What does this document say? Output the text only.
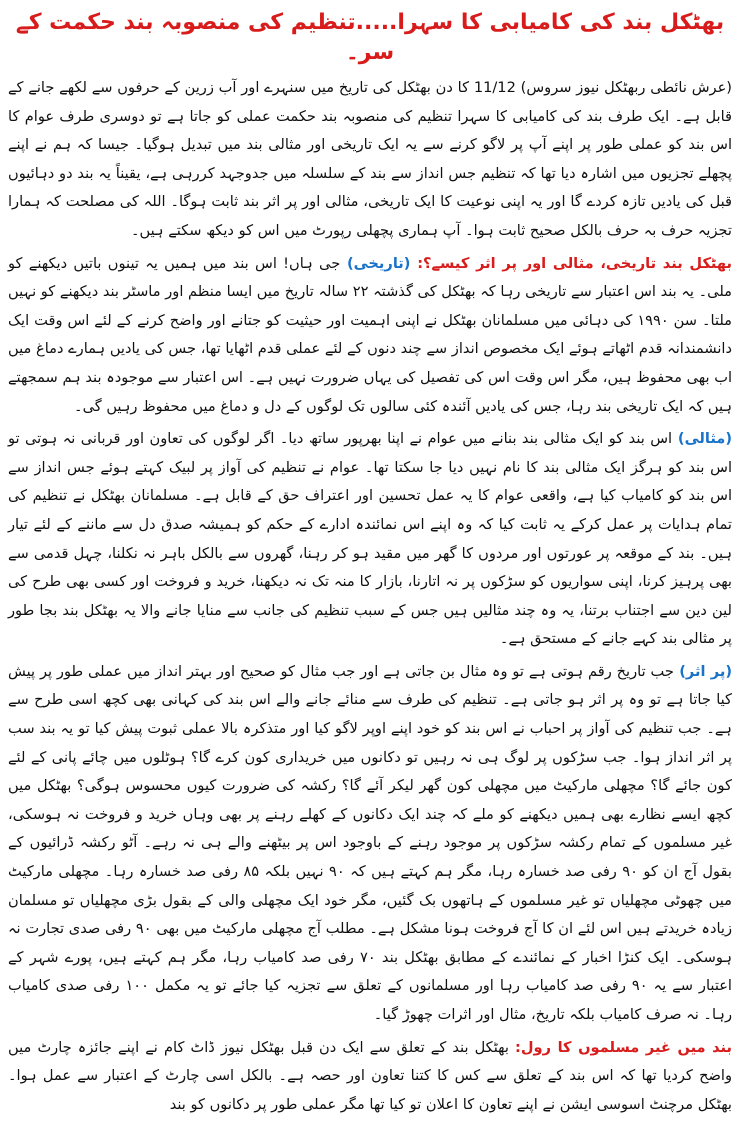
بھٹکل بند کی کامیابی کا سہرا.....تنظیم کی منصوبہ بند حکمت کے سر۔

(عرش نائطی ربھٹکل نیوز سروس) 11/12 کا دن بھٹکل کی تاریخ میں سنہرے اور آب زرین کے حرفوں سے لکھے جانے کے قابل ہے۔ ایک طرف بند کی کامیابی کا سہرا تنظیم کی منصوبہ بند حکمت عملی کو جاتا ہے تو دوسری طرف عوام کا اس بند کو عملی طور پر اپنے آپ پر لاگو کرنے سے یہ ایک تاریخی اور مثالی بند میں تبدیل ہوگیا۔ جیسا کہ ہم نے اپنے پچھلے تجزیوں میں اشارہ دیا تھا کہ تنظیم جس انداز سے بند کے سلسلہ میں جدوجہد کررہی ہے، یقیناً یہ بند دو دہائیوں قبل کی یادیں تازہ کردے گا اور یہ اپنی نوعیت کا ایک تاریخی، مثالی اور پر اثر بند ثابت ہوگا۔ اللہ کی مصلحت کہ ہمارا تجزیہ حرف بہ حرف بالکل صحیح ثابت ہوا۔ آپ ہماری پچھلی رپورٹ میں اس کو دیکھ سکتے ہیں۔

بھٹکل بند تاریخی، مثالی اور پر اثر کیسے؟: (تاریخی) جی ہاں! اس بند میں ہمیں یہ تینوں باتیں دیکھنے کو ملی۔ یہ بند اس اعتبار سے تاریخی رہا کہ بھٹکل کی گذشتہ ۲۲ سالہ تاریخ میں ایسا منظم اور ماسٹر بند دیکھنے کو نہیں ملتا۔ سن ۱۹۹۰ کی دہائی میں مسلمانان بھٹکل نے اپنی اہمیت اور حیثیت کو جتانے اور واضح کرنے کے لئے اس وقت ایک دانشمندانہ قدم اٹھاتے ہوئے ایک مخصوص انداز سے چند دنوں کے لئے عملی قدم اٹھایا تھا، جس کی یادیں ہمارے دماغ میں اب بھی محفوظ ہیں، مگر اس وقت اس کی تفصیل کی یہاں ضرورت نہیں ہے۔ اس اعتبار سے موجودہ بند ہم سمجھتے ہیں کہ ایک تاریخی بند رہا، جس کی یادیں آئندہ کئی سالوں تک لوگوں کے دل و دماغ میں محفوظ رہیں گی۔

(مثالی) اس بند کو ایک مثالی بند بنانے میں عوام نے اپنا بھرپور ساتھ دیا۔ اگر لوگوں کی تعاون اور قربانی نہ ہوتی تو اس بند کو ہرگز ایک مثالی بند کا نام نہیں دیا جا سکتا تھا۔ عوام نے تنظیم کی آواز پر لبیک کہتے ہوئے جس انداز سے اس بند کو کامیاب کیا ہے، واقعی عوام کا یہ عمل تحسین اور اعتراف حق کے قابل ہے۔ مسلمانان بھٹکل نے تنظیم کی تمام ہدایات پر عمل کرکے یہ ثابت کیا کہ وہ اپنے اس نمائندہ ادارے کے حکم کو ہمیشہ صدق دل سے ماننے کے لئے تیار ہیں۔ بند کے موقعہ پر عورتوں اور مردوں کا گھر میں مقید ہو کر رہنا، گھروں سے بالکل باہر نہ نکلنا، چہل قدمی سے بھی پرہیز کرنا، اپنی سواریوں کو سڑکوں پر نہ اتارنا، بازار کا منہ تک نہ دیکھنا، خرید و فروخت اور کسی بھی طرح کی لین دین سے اجتناب برتنا، یہ وہ چند مثالیں ہیں جس کے سبب تنظیم کی جانب سے منایا جانے والا یہ بھٹکل بند بجا طور پر مثالی بند کہے جانے کے مستحق ہے۔

(پر اثر) جب تاریخ رقم ہوتی ہے تو وہ مثال بن جاتی ہے اور جب مثال کو صحیح اور بہتر انداز میں عملی طور پر پیش کیا جاتا ہے تو وہ پر اثر ہو جاتی ہے۔ تنظیم کی طرف سے منائے جانے والے اس بند کی کہانی بھی کچھ اسی طرح سے ہے۔ جب تنظیم کی آواز پر احباب نے اس بند کو خود اپنے اوپر لاگو کیا اور متذکرہ بالا عملی ثبوت پیش کیا تو یہ بند سب پر اثر انداز ہوا۔ جب سڑکوں پر لوگ ہی نہ رہیں تو دکانوں میں خریداری کون کرے گا؟ ہوٹلوں میں چائے پانی کے لئے کون جائے گا؟ مچھلی مارکیٹ میں مچھلی کون گھر لیکر آئے گا؟ رکشہ کی ضرورت کیوں محسوس ہوگی؟ بھٹکل میں کچھ ایسے نظارے بھی ہمیں دیکھنے کو ملے کہ چند ایک دکانوں کے کھلے رہنے پر بھی وہاں خرید و فروخت نہ ہوسکی، غیر مسلموں کے تمام رکشہ سڑکوں پر موجود رہنے کے باوجود اس پر بیٹھنے والے ہی نہ رہے۔ آٹو رکشہ ڈرائیوں کے بقول آج ان کو ۹۰ رفی صد خسارہ رہا، مگر ہم کہتے ہیں کہ ۹۰ نہیں بلکہ ۸۵ رفی صد خسارہ رہا۔ مچھلی مارکیٹ میں چھوٹی مچھلیاں تو غیر مسلموں کے ہاتھوں بک گئیں، مگر خود ایک مچھلی والی کے بقول بڑی مچھلیاں تو مسلمان زیادہ خریدتے ہیں اس لئے ان کا آج فروخت ہونا مشکل ہے۔ مطلب آج مچھلی مارکیٹ میں بھی ۹۰ رفی صدی تجارت نہ ہوسکی۔ ایک کنڑا اخبار کے نمائندے کے مطابق بھٹکل بند ۷۰ رفی صد کامیاب رہا، مگر ہم کہتے ہیں، پورے شہر کے اعتبار سے یہ ۹۰ رفی صد کامیاب رہا اور مسلمانوں کے تعلق سے تجزیہ کیا جائے تو یہ مکمل ۱۰۰ رفی صدی کامیاب رہا۔ نہ صرف کامیاب بلکہ تاریخ، مثال اور اثرات چھوڑ گیا۔

بند میں غیر مسلموں کا رول: بھٹکل بند کے تعلق سے ایک دن قبل بھٹکل نیوز ڈاٹ کام نے اپنے جائزہ چارٹ میں واضح کردیا تھا کہ اس بند کے تعلق سے کس کا کتنا تعاون اور حصہ ہے۔ بالکل اسی چارٹ کے اعتبار سے عمل ہوا۔ بھٹکل مرچنٹ اسوسی ایشن نے اپنے تعاون کا اعلان تو کیا تھا مگر عملی طور پر دکانوں کو بند
